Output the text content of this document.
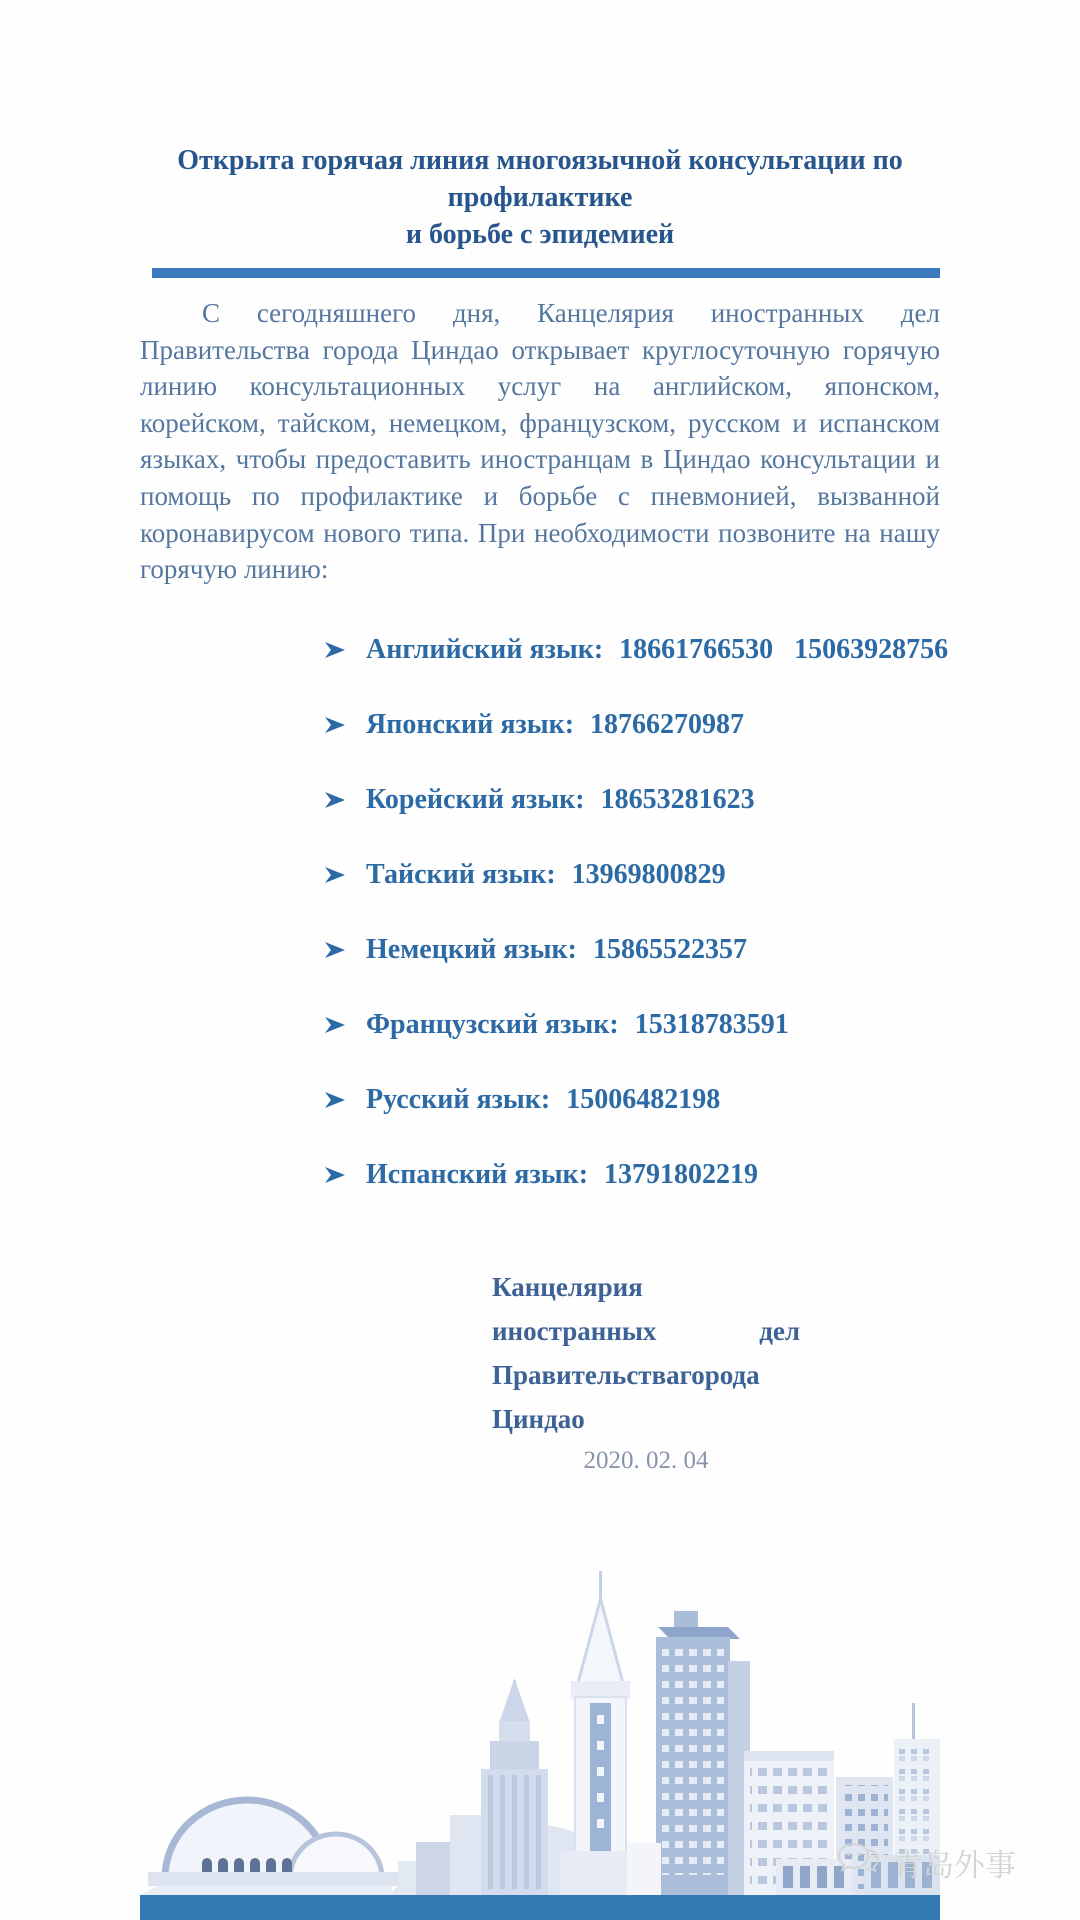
Открыта горячая линия многоязычной консультации по профилактике
и борьбе с эпидемией

С сегодняшнего дня, Канцелярия иностранных дел Правительства города Циндао открывает круглосуточную горячую линию консультационных услуг на английском, японском, корейском, тайском, немецком, французском, русском и испанском языках, чтобы предоставить иностранцам в Циндао консультации и помощь по профилактике и борьбе с пневмонией, вызванной коронавирусом нового типа. При необходимости позвоните на нашу горячую линию:

Английский язык: 18661766530   15063928756
Японский язык: 18766270987
Корейский язык: 18653281623
Тайский язык: 13969800829
Немецкий язык: 15865522357
Французский язык: 15318783591
Русский язык: 15006482198
Испанский язык: 13791802219
Канцелярия иностранных дел
Правительствагорода Циндао
2020. 02. 04
青岛外事
